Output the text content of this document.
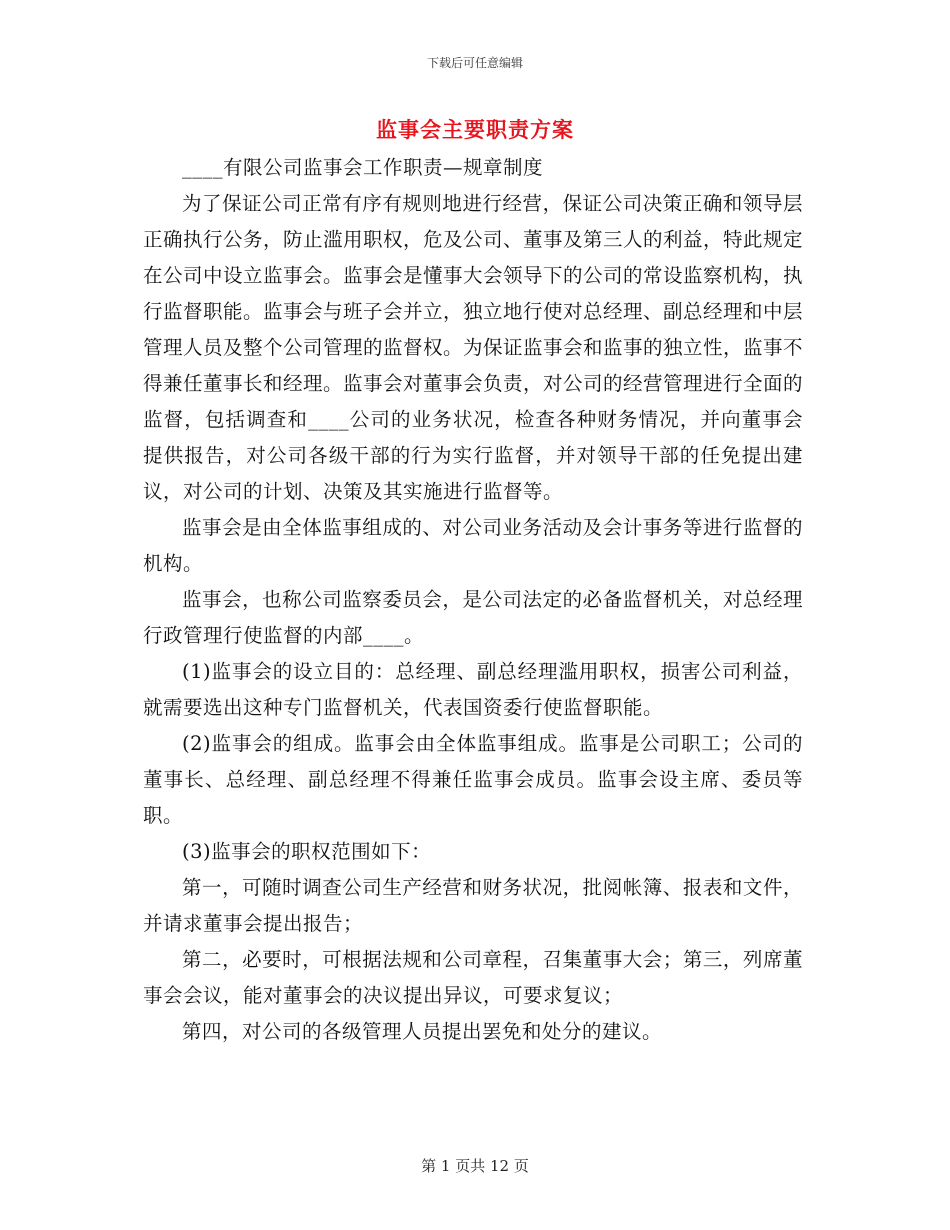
下载后可任意编辑
监事会主要职责方案

____有限公司监事会工作职责—规章制度

为了保证公司正常有序有规则地进行经营，保证公司决策正确和领导层正确执行公务，防止滥用职权，危及公司、董事及第三人的利益，特此规定在公司中设立监事会。监事会是懂事大会领导下的公司的常设监察机构，执行监督职能。监事会与班子会并立，独立地行使对总经理、副总经理和中层管理人员及整个公司管理的监督权。为保证监事会和监事的独立性，监事不得兼任董事长和经理。监事会对董事会负责，对公司的经营管理进行全面的监督，包括调查和____公司的业务状况，检查各种财务情况，并向董事会提供报告，对公司各级干部的行为实行监督，并对领导干部的任免提出建议，对公司的计划、决策及其实施进行监督等。

监事会是由全体监事组成的、对公司业务活动及会计事务等进行监督的机构。

监事会，也称公司监察委员会，是公司法定的必备监督机关，对总经理行政管理行使监督的内部____。

(1)监事会的设立目的：总经理、副总经理滥用职权，损害公司利益，就需要选出这种专门监督机关，代表国资委行使监督职能。

(2)监事会的组成。监事会由全体监事组成。监事是公司职工；公司的董事长、总经理、副总经理不得兼任监事会成员。监事会设主席、委员等职。

(3)监事会的职权范围如下：

第一，可随时调查公司生产经营和财务状况，批阅帐簿、报表和文件，并请求董事会提出报告；

第二，必要时，可根据法规和公司章程，召集董事大会；第三，列席董事会会议，能对董事会的决议提出异议，可要求复议；

第四，对公司的各级管理人员提出罢免和处分的建议。

第 1 页共 12 页
